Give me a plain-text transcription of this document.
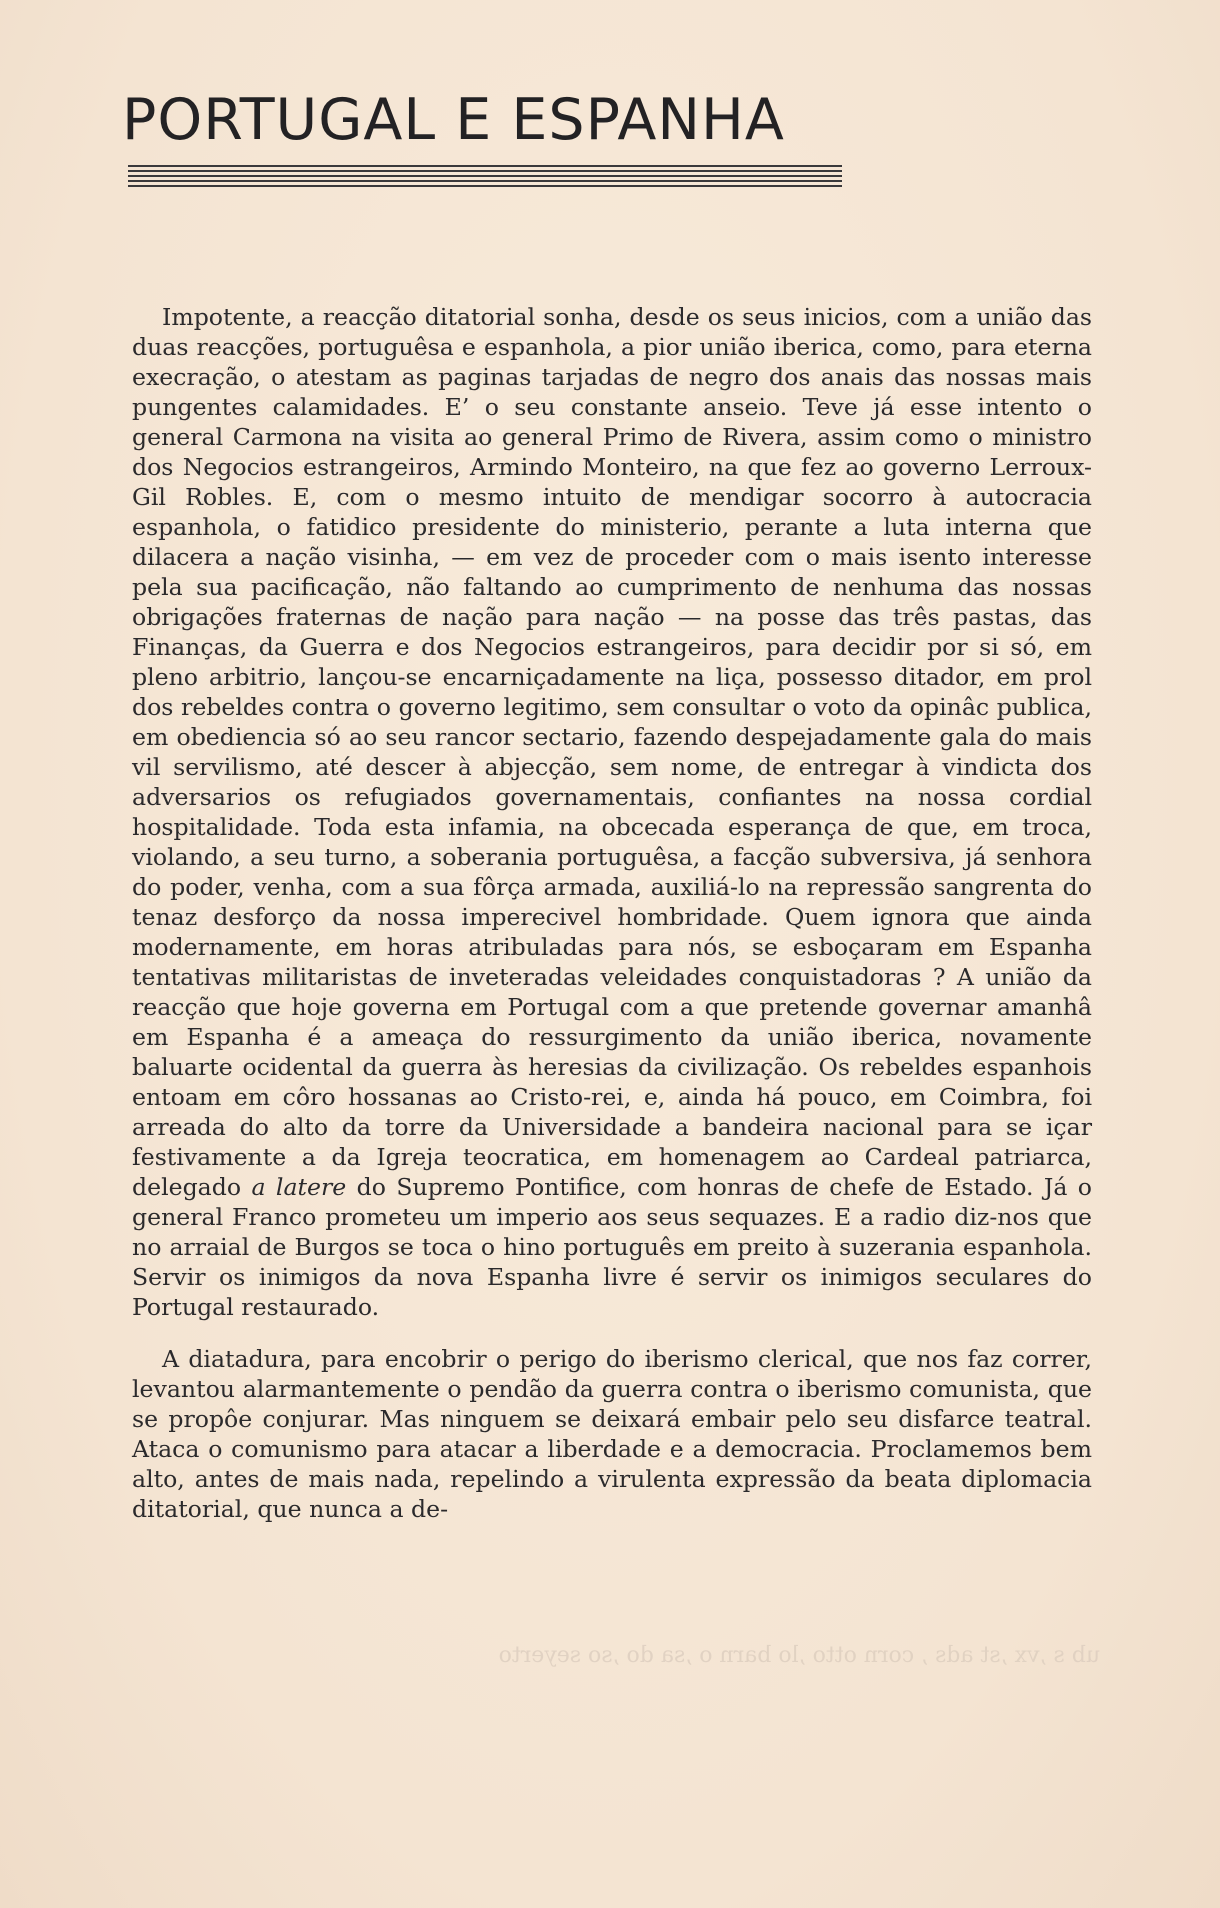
PORTUGAL E ESPANHA

Impotente, a reacção ditatorial sonha, desde os seus inicios, com a união das duas reacções, portuguêsa e espanhola, a pior união iberica, como, para eterna execração, o atestam as paginas tarjadas de negro dos anais das nossas mais pungentes calamidades. E’ o seu constante anseio. Teve já esse intento o general Carmona na visita ao general Primo de Rivera, assim como o ministro dos Negocios estrangeiros, Armindo Monteiro, na que fez ao governo Lerroux-Gil Robles. E, com o mesmo intuito de mendigar socorro à autocracia espanhola, o fatidico presidente do ministerio, perante a luta interna que dilacera a nação visinha, — em vez de proceder com o mais isento interesse pela sua pacificação, não faltando ao cumprimento de nenhuma das nossas obrigações fraternas de nação para nação — na posse das três pastas, das Finanças, da Guerra e dos Negocios estrangeiros, para decidir por si só, em pleno arbitrio, lançou-se encarniçadamente na liça, possesso ditador, em prol dos rebeldes contra o governo legitimo, sem consultar o voto da opinâc publica, em obediencia só ao seu rancor sectario, fazendo despejadamente gala do mais vil servilismo, até descer à abjecção, sem nome, de entregar à vindicta dos adversarios os refugiados governamentais, confiantes na nossa cordial hospitalidade. Toda esta infamia, na obcecada esperança de que, em troca, violando, a seu turno, a soberania portuguêsa, a facção subversiva, já senhora do poder, venha, com a sua fôrça armada, auxiliá-lo na repressão sangrenta do tenaz desforço da nossa imperecivel hombridade. Quem ignora que ainda modernamente, em horas atribuladas para nós, se esboçaram em Espanha tentativas militaristas de inveteradas veleidades conquistadoras ? A união da reacção que hoje governa em Portugal com a que pretende governar amanhâ em Espanha é a ameaça do ressurgimento da união iberica, novamente baluarte ocidental da guerra às heresias da civilização. Os rebeldes espanhois entoam em côro hossanas ao Cristo-rei, e, ainda há pouco, em Coimbra, foi arreada do alto da torre da Universidade a bandeira nacional para se içar festivamente a da Igreja teocratica, em homenagem ao Cardeal patriarca, delegado a latere do Supremo Pontifice, com honras de chefe de Estado. Já o general Franco prometeu um imperio aos seus sequazes. E a radio diz-nos que no arraial de Burgos se toca o hino português em preito à suzerania espanhola. Servir os inimigos da nova Espanha livre é servir os inimigos seculares do Portugal restaurado.

A diatadura, para encobrir o perigo do iberismo clerical, que nos faz correr, levantou alarmantemente o pendão da guerra contra o iberismo comunista, que se propôe conjurar. Mas ninguem se deixará embair pelo seu disfarce teatral. Ataca o comunismo para atacar a liberdade e a democracia. Proclamemos bem alto, antes de mais nada, repelindo a virulenta expressão da beata diplomacia ditatorial, que nunca a de-

ub s ,vx ,st ads , corn otto ,lo barn o ,sa do ,so seyerto
